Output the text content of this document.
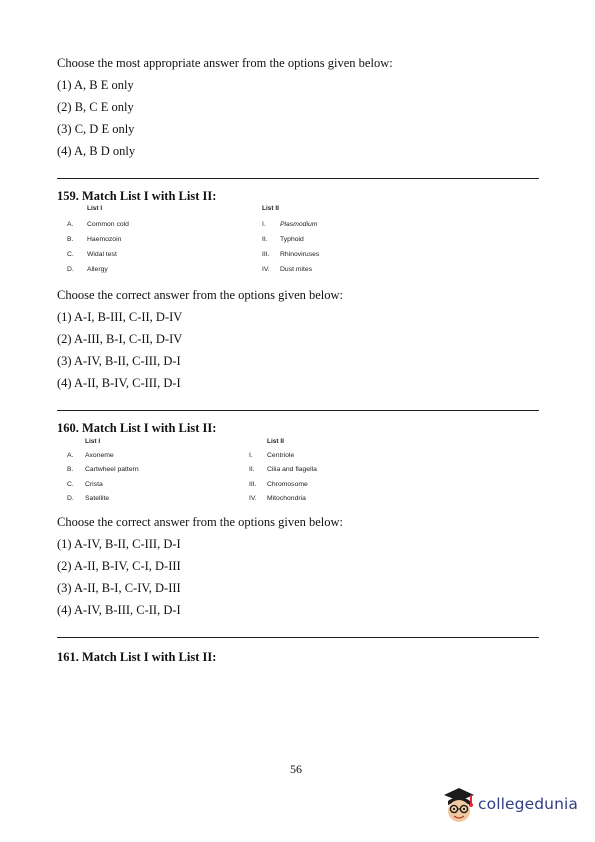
Choose the most appropriate answer from the options given below:
(1) A, B E only
(2) B, C E only
(3) C, D E only
(4) A, B D only
159. Match List I with List II:
List I	List II
A. Common cold	I. Plasmodium
B. Haemozoin	II. Typhoid
C. Widal test	III. Rhinoviruses
D. Allergy	IV. Dust mites
Choose the correct answer from the options given below:
(1) A-I, B-III, C-II, D-IV
(2) A-III, B-I, C-II, D-IV
(3) A-IV, B-II, C-III, D-I
(4) A-II, B-IV, C-III, D-I
160. Match List I with List II:
List I	List II
A. Axoneme	I. Centriole
B. Cartwheel pattern	II. Cilia and flagella
C. Crista	III. Chromosome
D. Satellite	IV. Mitochondria
Choose the correct answer from the options given below:
(1) A-IV, B-II, C-III, D-I
(2) A-II, B-IV, C-I, D-III
(3) A-II, B-I, C-IV, D-III
(4) A-IV, B-III, C-II, D-I
161. Match List I with List II:
56
collegedunia
